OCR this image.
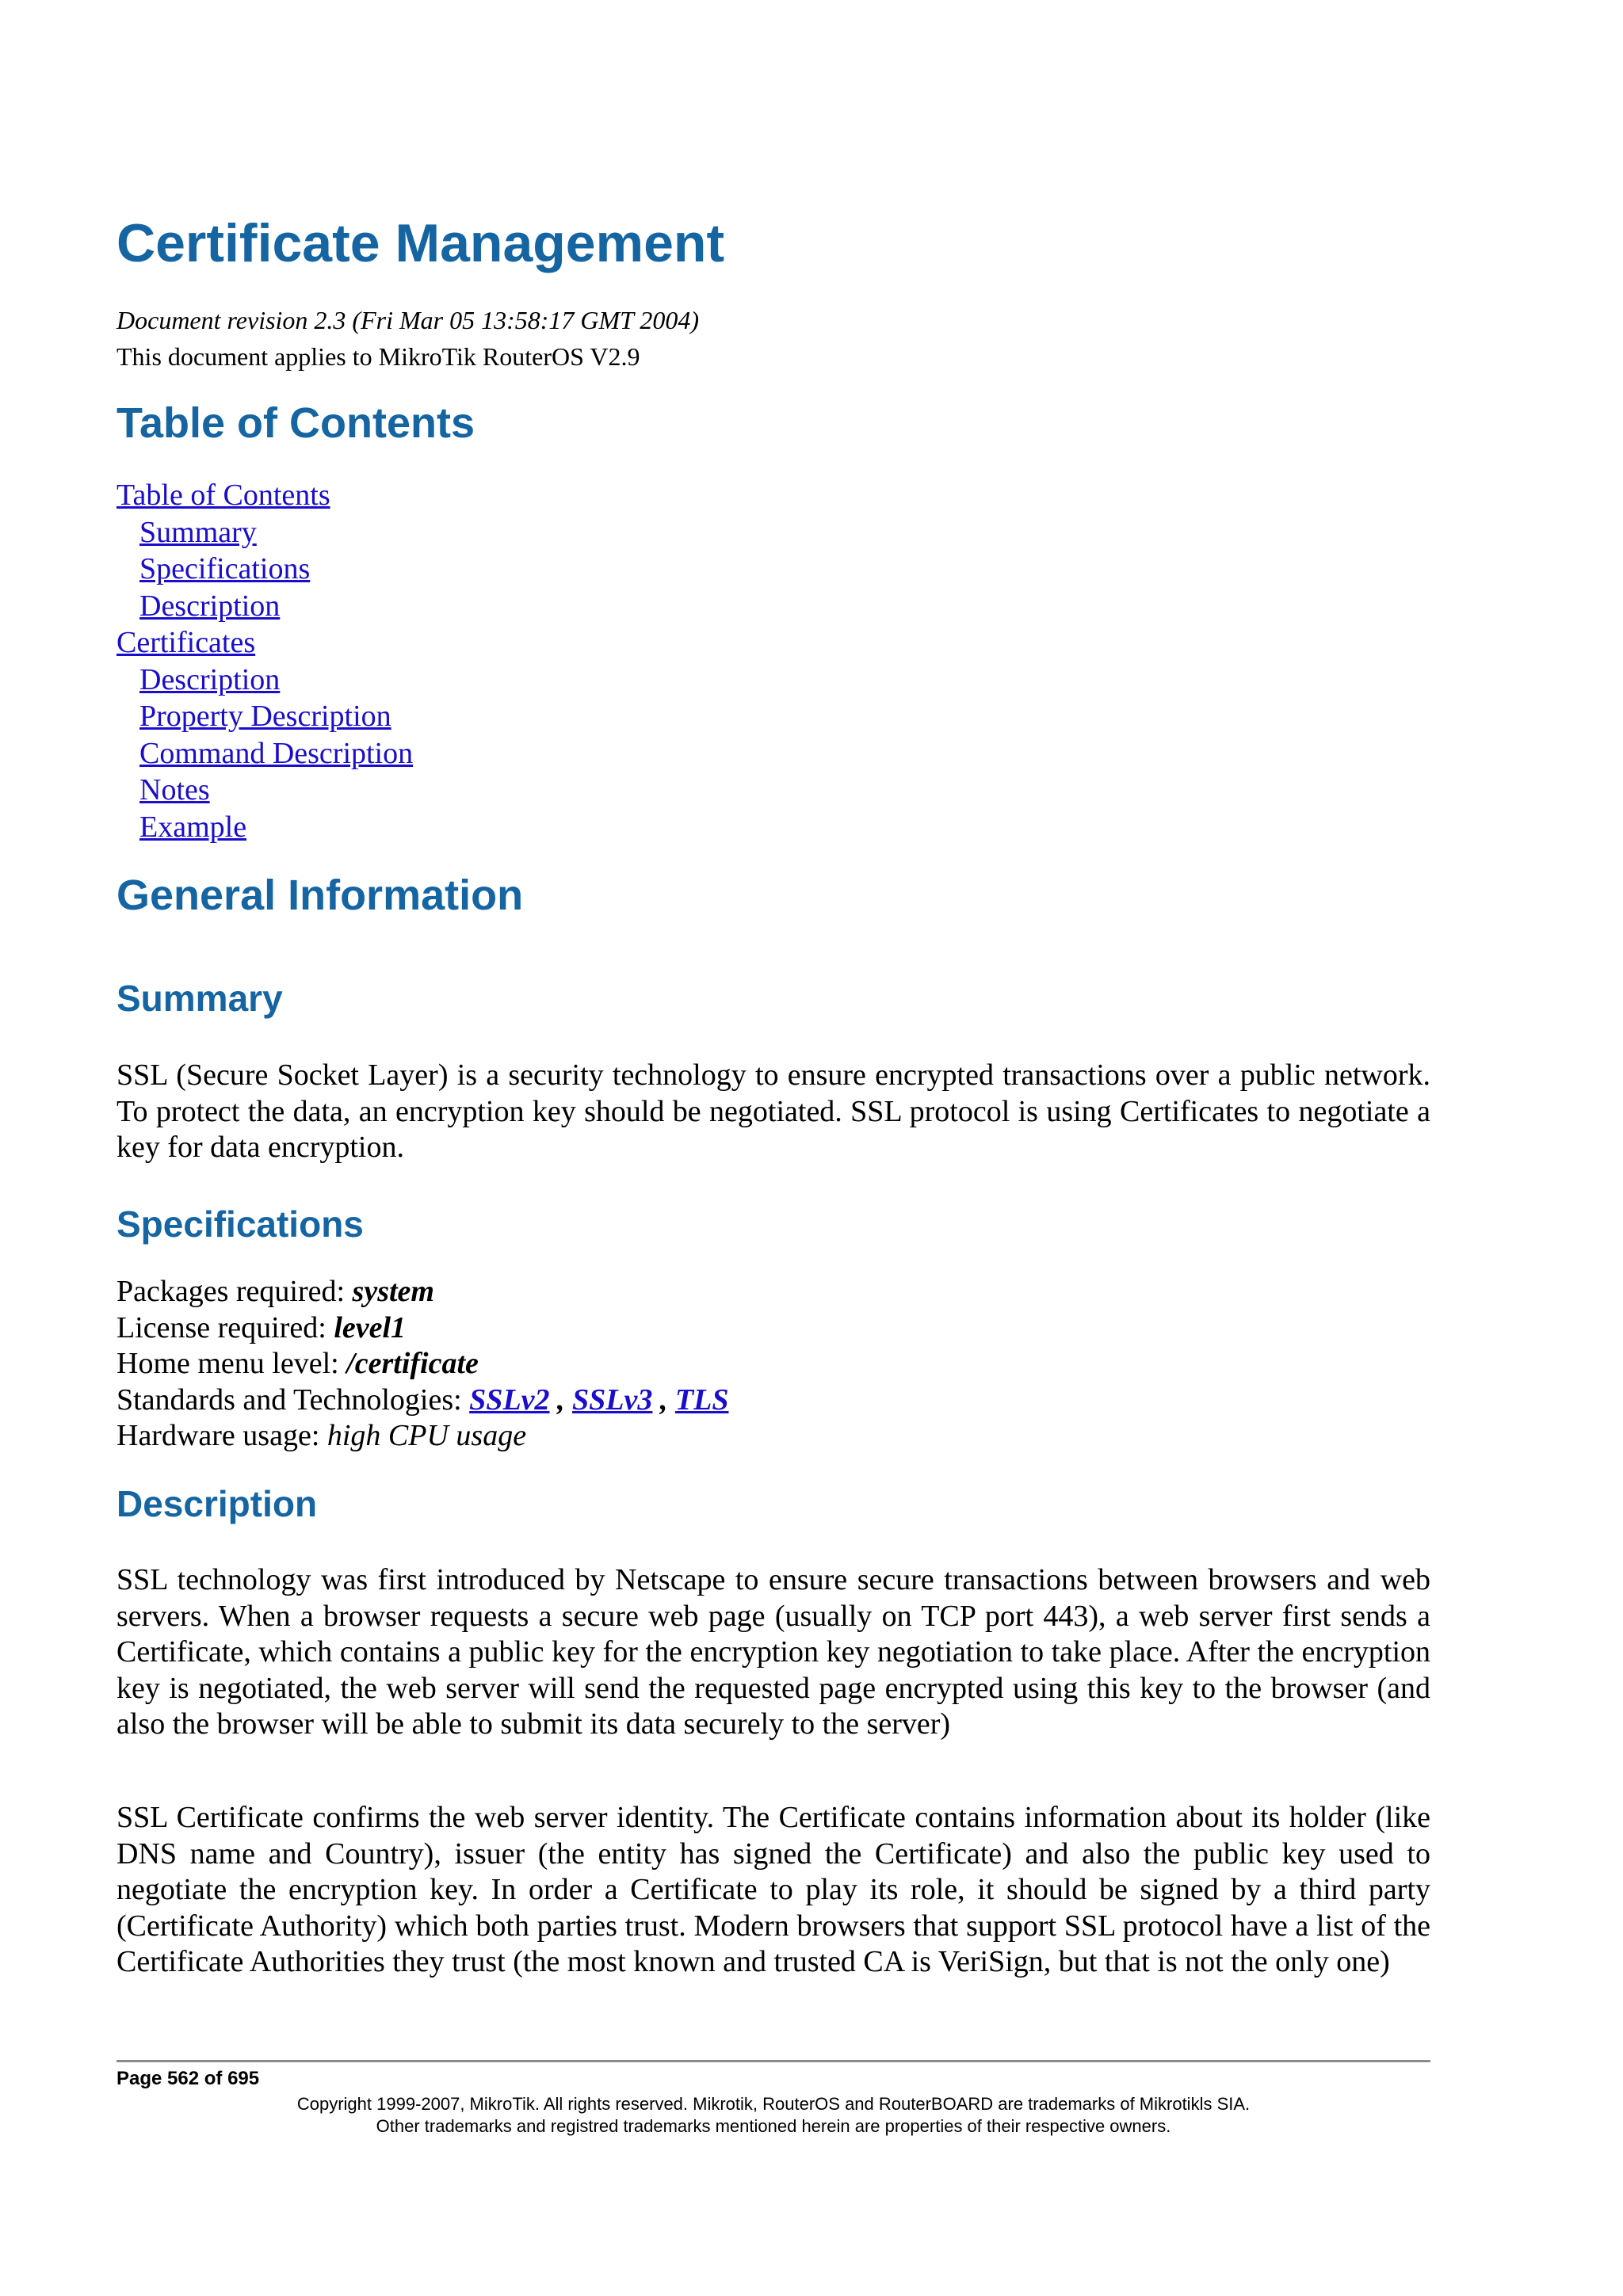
Certificate Management
Document revision 2.3 (Fri Mar 05 13:58:17 GMT 2004)
This document applies to MikroTik RouterOS V2.9
Table of Contents
Table of Contents
Summary
Specifications
Description
Certificates
Description
Property Description
Command Description
Notes
Example
General Information
Summary

SSL (Secure Socket Layer) is a security technology to ensure encrypted transactions over a public network. To protect the data, an encryption key should be negotiated. SSL protocol is using Certificates to negotiate a key for data encryption.

Specifications
Packages required: system
License required: level1
Home menu level: /certificate
Standards and Technologies: SSLv2 , SSLv3 , TLS
Hardware usage: high CPU usage
Description

SSL technology was first introduced by Netscape to ensure secure transactions between browsers and web servers. When a browser requests a secure web page (usually on TCP port 443), a web server first sends a Certificate, which contains a public key for the encryption key negotiation to take place. After the encryption key is negotiated, the web server will send the requested page encrypted using this key to the browser (and also the browser will be able to submit its data securely to the server)

SSL Certificate confirms the web server identity. The Certificate contains information about its holder (like DNS name and Country), issuer (the entity has signed the Certificate) and also the public key used to negotiate the encryption key. In order a Certificate to play its role, it should be signed by a third party (Certificate Authority) which both parties trust. Modern browsers that support SSL protocol have a list of the Certificate Authorities they trust (the most known and trusted CA is VeriSign, but that is not the only one)

Page 562 of 695
Copyright 1999-2007, MikroTik. All rights reserved. Mikrotik, RouterOS and RouterBOARD are trademarks of Mikrotikls SIA.
Other trademarks and registred trademarks mentioned herein are properties of their respective owners.
